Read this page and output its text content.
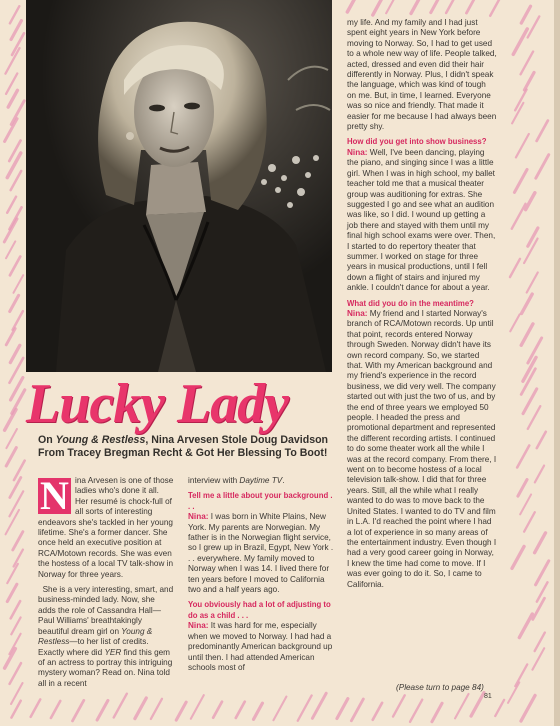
Lucky Lady
On Young & Restless, Nina Arvesen Stole Doug Davidson From Tracey Bregman Recht & Got Her Blessing To Boot!

N ina Arvesen is one of those ladies who's done it all. Her resumé is chock-full of all sorts of interesting endeavors she's tackled in her young lifetime. She's a former dancer. She once held an executive position at RCA/Motown records. She was even the hostess of a local TV talk-show in Norway for three years.

She is a very interesting, smart, and business-minded lady. Now, she adds the role of Cassandra Hall—Paul Williams' breathtakingly beautiful dream girl on Young & Restless—to her list of credits. Exactly where did YER find this gem of an actress to portray this intriguing mystery woman? Read on. Nina told all in a recent

interview with Daytime TV.

Tell me a little about your background . . .

Nina: I was born in White Plains, New York. My parents are Norwegian. My father is in the Norwegian flight service, so I grew up in Brazil, Egypt, New York . . . everywhere. My family moved to Norway when I was 14. I lived there for ten years before I moved to California two and a half years ago.

You obviously had a lot of adjusting to do as a child . . .

Nina: It was hard for me, especially when we moved to Norway. I had had a predominantly American background up until then. I had attended American schools most of

my life. And my family and I had just spent eight years in New York before moving to Norway. So, I had to get used to a whole new way of life. People talked, acted, dressed and even did their hair differently in Norway. Plus, I didn't speak the language, which was kind of tough on me. But, in time, I learned. Everyone was so nice and friendly. That made it easier for me because I had always been pretty shy.

How did you get into show business?

Nina: Well, I've been dancing, playing the piano, and singing since I was a little girl. When I was in high school, my ballet teacher told me that a musical theater group was auditioning for extras. She suggested I go and see what an audition was like, so I did. I wound up getting a job there and stayed with them until my final high school exams were over. Then, I started to do repertory theater that summer. I worked on stage for three years in musical productions, until I fell down a flight of stairs and injured my ankle. I couldn't dance for about a year.

What did you do in the meantime?

Nina: My friend and I started Norway's branch of RCA/Motown records. Up until that point, records entered Norway through Sweden. Norway didn't have its own record company. So, we started that. With my American background and my friend's experience in the record business, we did very well. The company started out with just the two of us, and by the end of three years we employed 50 people. I headed the press and promotional department and represented the different recording artists. I continued to do some theater work all the while I was at the record company. From there, I went on to become hostess of a local television talk-show. I did that for three years. Still, all the while what I really wanted to do was to move back to the United States. I wanted to do TV and film in L.A. I'd reached the point where I had a lot of experience in so many areas of the entertainment industry. Even though I had a very good career going in Norway, I knew the time had come to move. If I was ever going to do it. So, I came to California.

(Please turn to page 84)
81
